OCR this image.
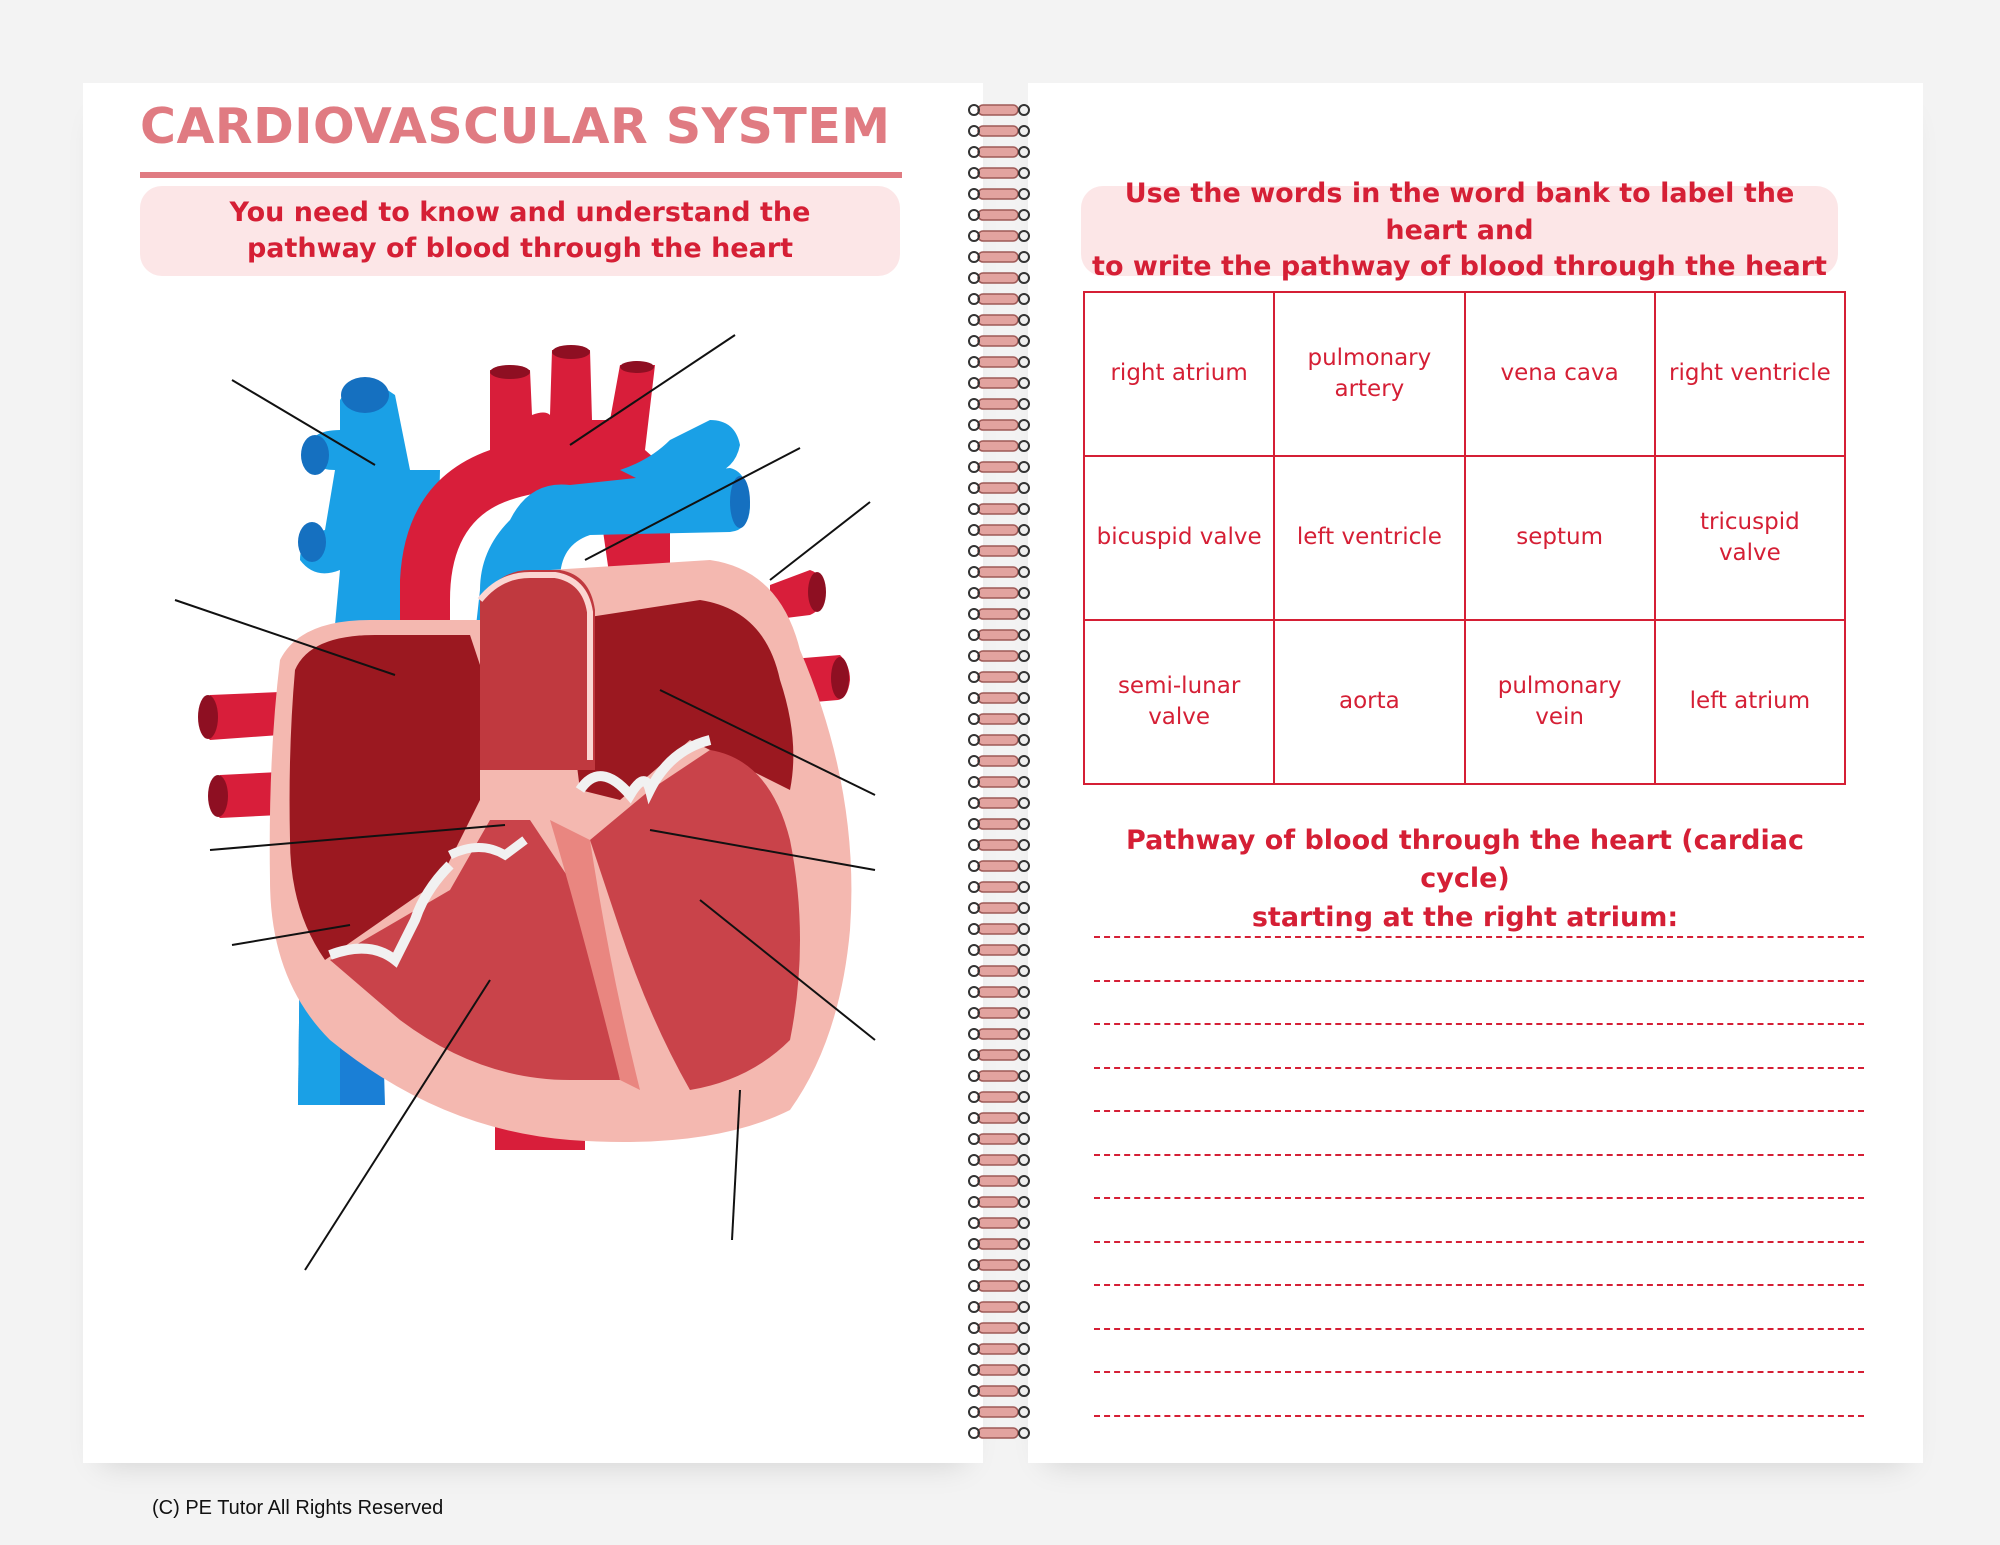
CARDIOVASCULAR SYSTEM
You need to know and understand the
pathway of blood through the heart
Use the words in the word bank to label the heart and
to write the pathway of blood through the heart
right atrium	pulmonary artery	vena cava	right ventricle
bicuspid valve	left ventricle	septum	tricuspid valve
semi-lunar valve	aorta	pulmonary vein	left atrium
Pathway of blood through the heart (cardiac cycle)
starting at the right atrium:
(C) PE Tutor All Rights Reserved
